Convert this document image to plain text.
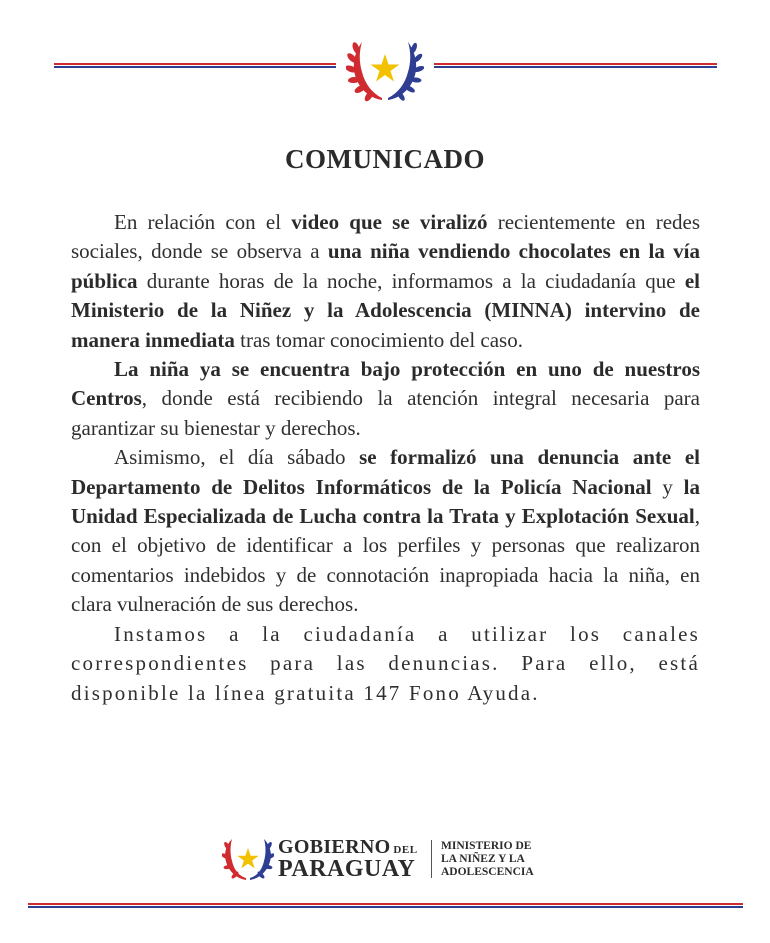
COMUNICADO

En relación con el video que se viralizó recientemente en redes sociales, donde se observa a una niña vendiendo chocolates en la vía pública durante horas de la noche, informamos a la ciudadanía que el Ministerio de la Niñez y la Adolescencia (MINNA) intervino de manera inmediata tras tomar conocimiento del caso.

La niña ya se encuentra bajo protección en uno de nuestros Centros, donde está recibiendo la atención integral necesaria para garantizar su bienestar y derechos.

Asimismo, el día sábado se formalizó una denuncia ante el Departamento de Delitos Informáticos de la Policía Nacional y la Unidad Especializada de Lucha contra la Trata y Explotación Sexual, con el objetivo de identificar a los perfiles y personas que realizaron comentarios indebidos y de connotación inapropiada hacia la niña, en clara vulneración de sus derechos.

Instamos a la ciudadanía a utilizar los canales correspondientes para las denuncias. Para ello, está disponible la línea gratuita 147 Fono Ayuda.

GOBIERNO DEL
PARAGUAY
MINISTERIO DE
LA NIÑEZ Y LA
ADOLESCENCIA
